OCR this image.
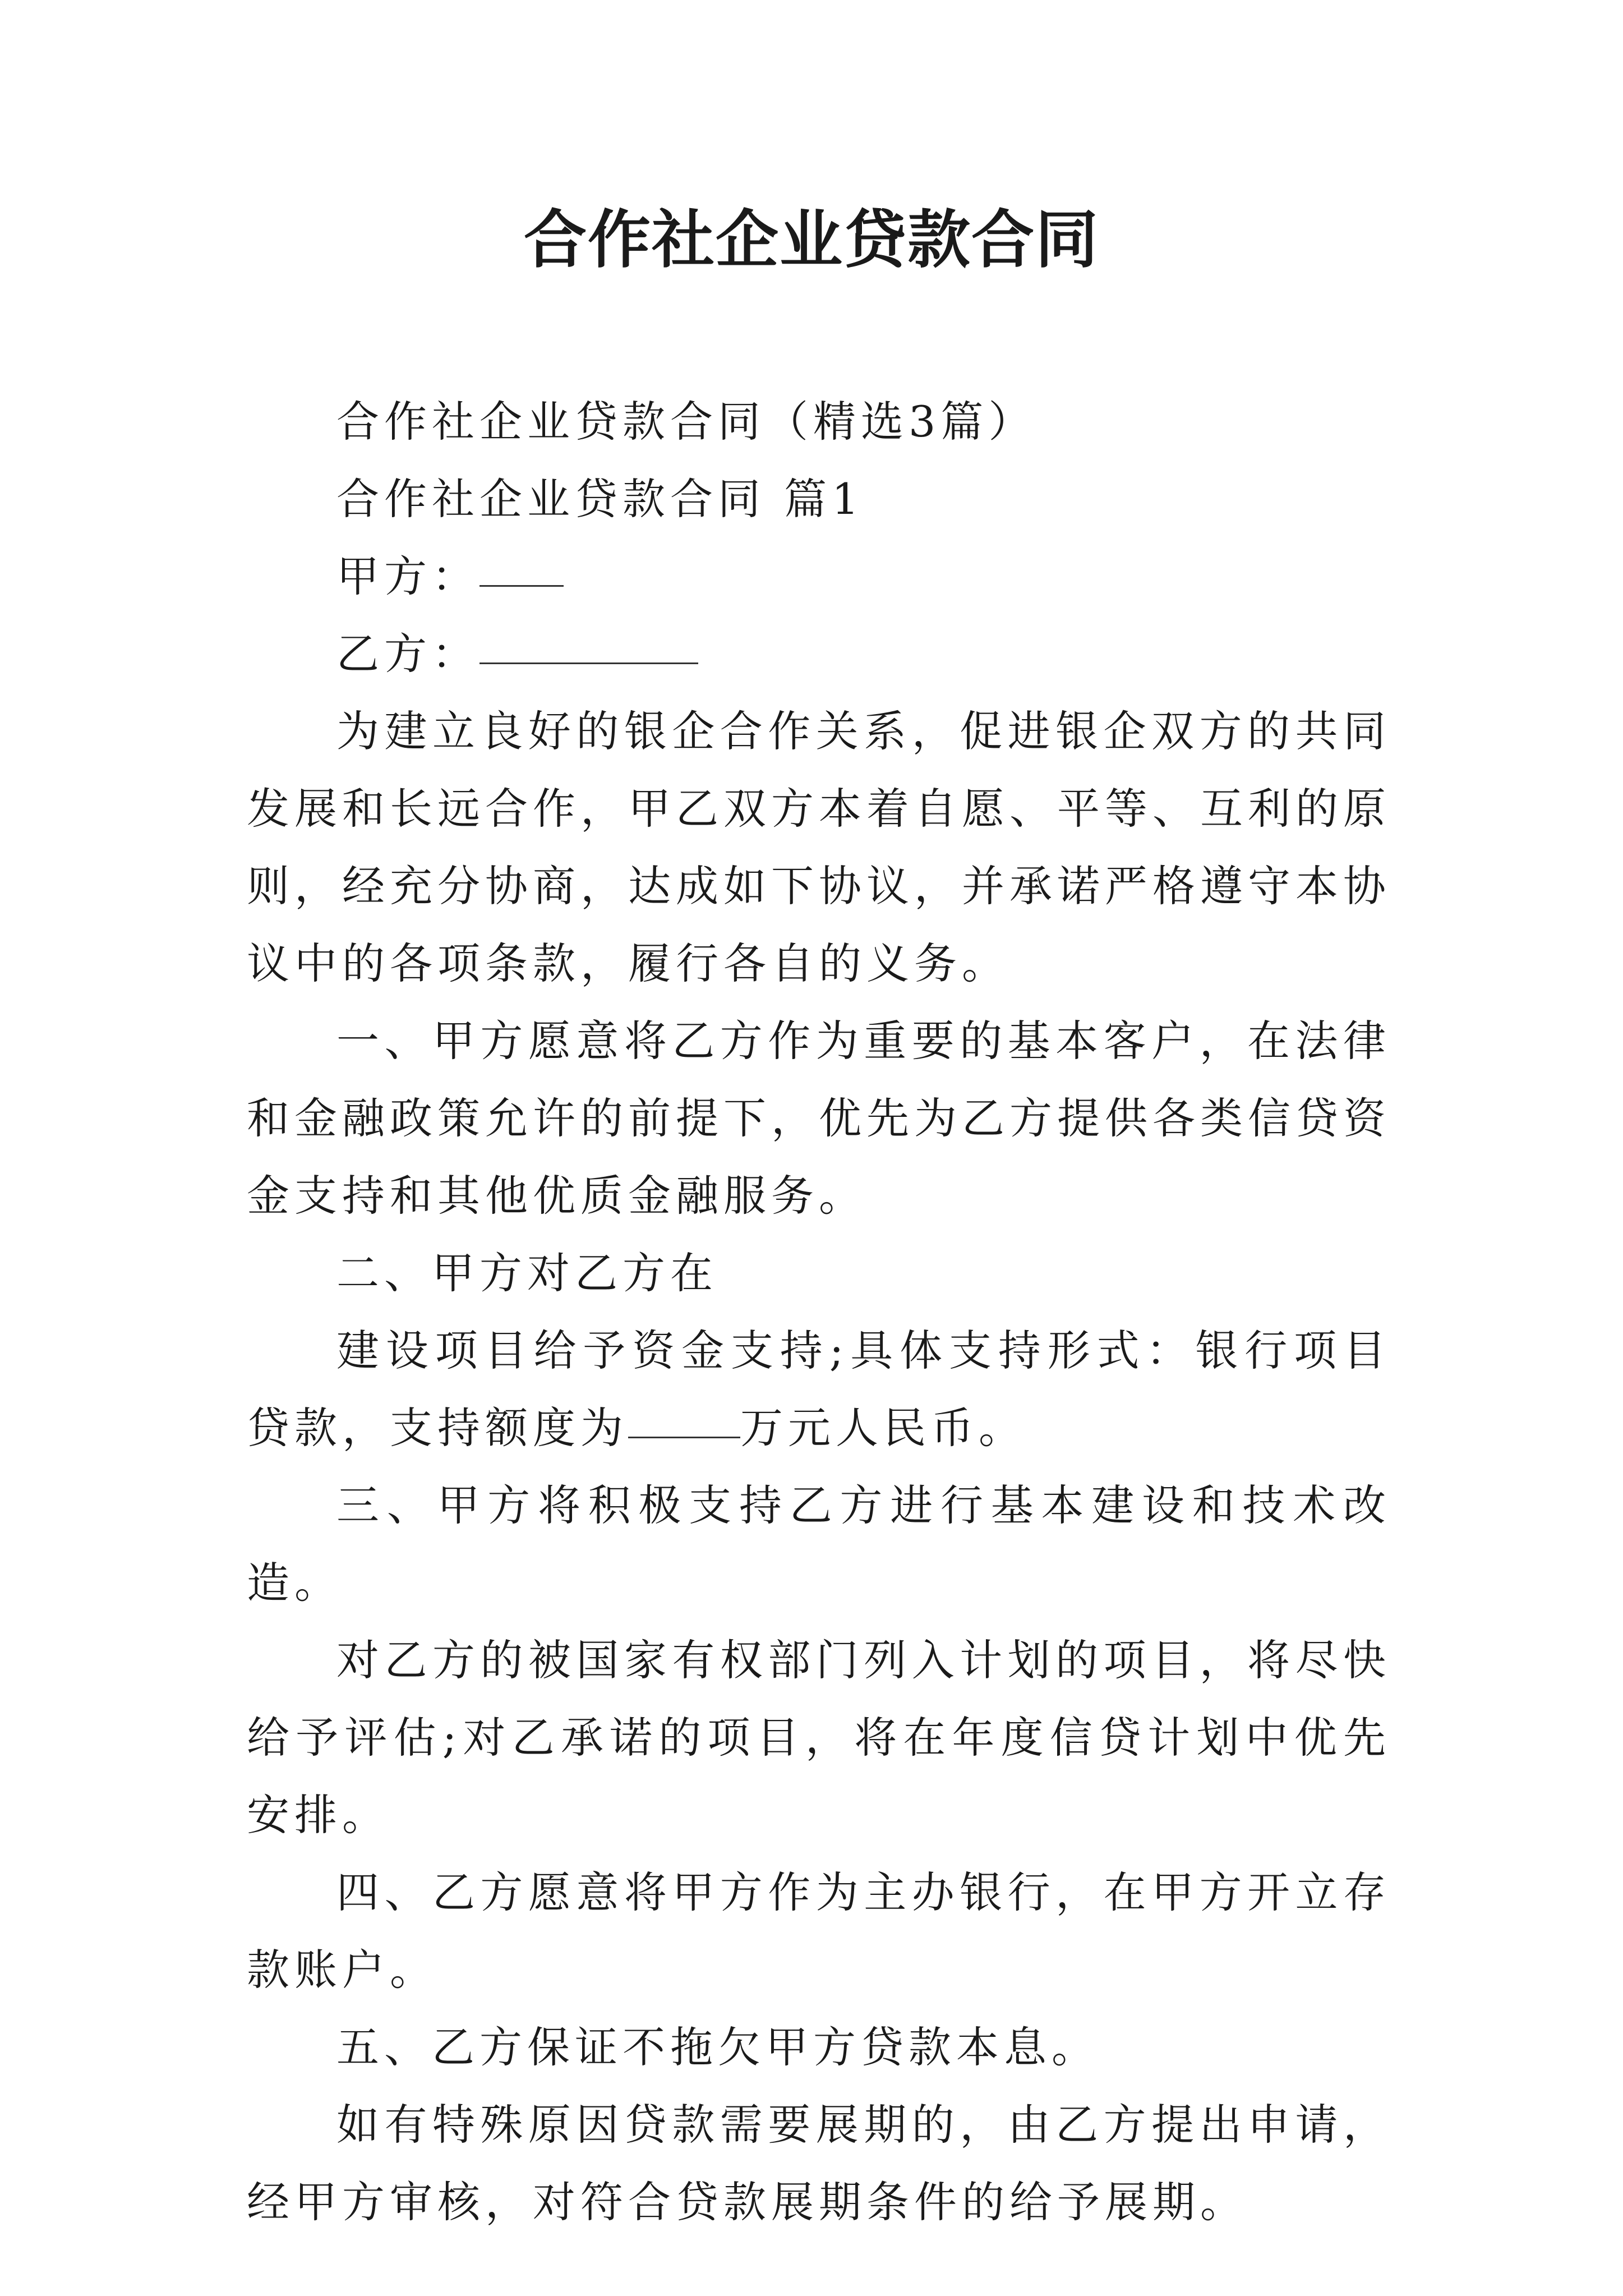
合作社企业贷款合同

合作社企业贷款合同（精选3篇）

合作社企业贷款合同 篇1

甲方：

乙方：

为建立良好的银企合作关系，促进银企双方的共同发展和长远合作，甲乙双方本着自愿、平等、互利的原则，经充分协商，达成如下协议，并承诺严格遵守本协议中的各项条款，履行各自的义务。

一、甲方愿意将乙方作为重要的基本客户，在法律和金融政策允许的前提下，优先为乙方提供各类信贷资金支持和其他优质金融服务。

二、甲方对乙方在

建设项目给予资金支持;具体支持形式：银行项目贷款，支持额度为	万元人民币。

三、甲方将积极支持乙方进行基本建设和技术改造。

对乙方的被国家有权部门列入计划的项目，将尽快给予评估;对乙承诺的项目，将在年度信贷计划中优先安排。

四、乙方愿意将甲方作为主办银行，在甲方开立存款账户。

五、乙方保证不拖欠甲方贷款本息。

如有特殊原因贷款需要展期的，由乙方提出申请，经甲方审核，对符合贷款展期条件的给予展期。
